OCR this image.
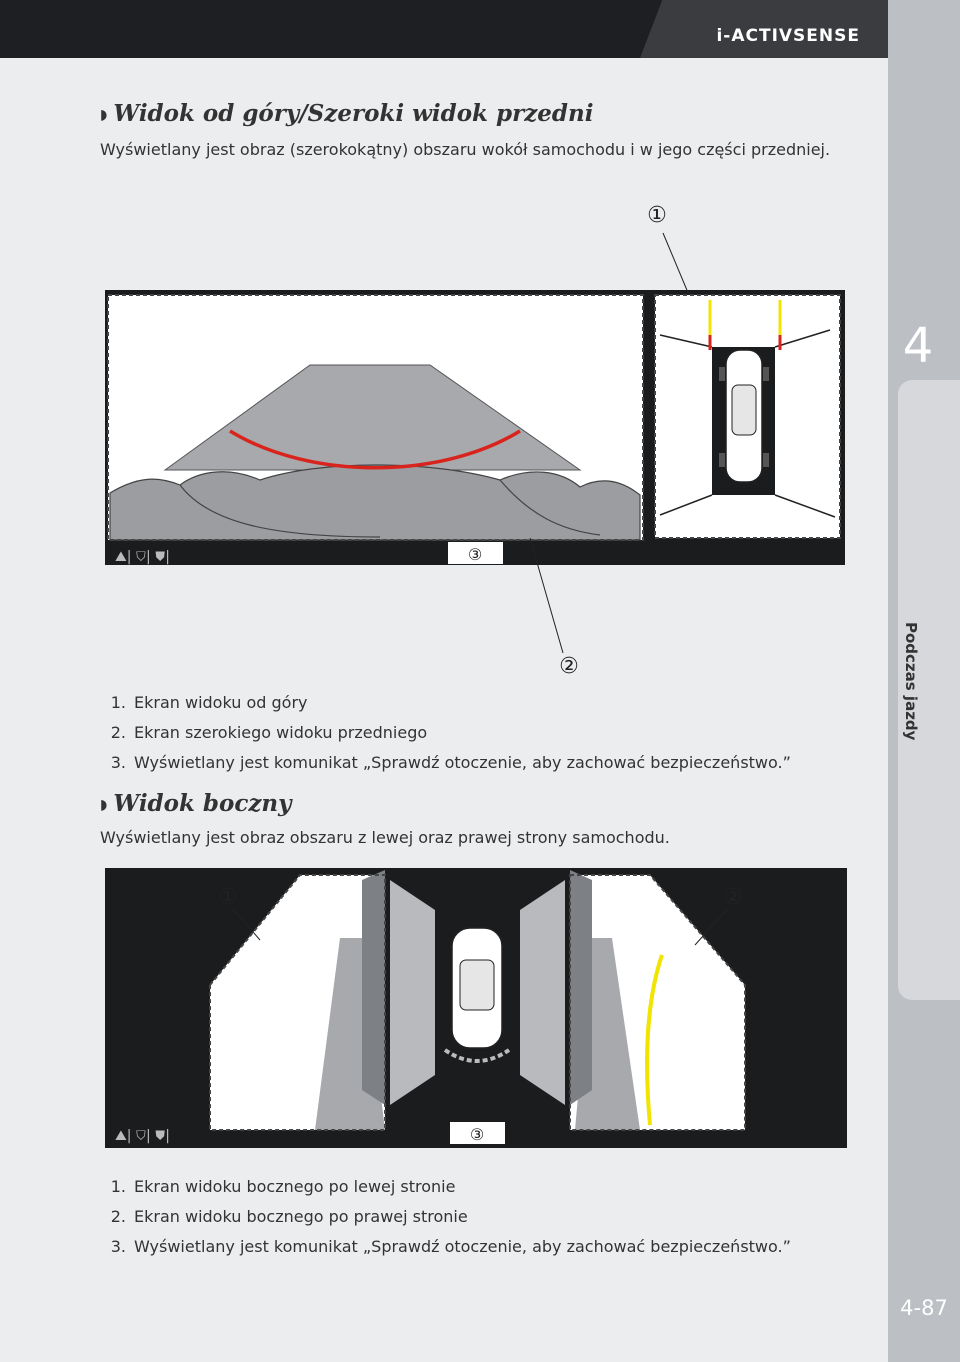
i-ACTIVSENSE
4
Podczas jazdy
4-87
◗ Widok od góry/Szeroki widok przedni
Wyświetlany jest obraz (szerokokątny) obszaru wokół samochodu i w jego części przedniej.
⛰| ⛉| ⛊|	③
①
②
1. Ekran widoku od góry
2. Ekran szerokiego widoku przedniego
3. Wyświetlany jest komunikat „Sprawdź otoczenie, aby zachować bezpieczeństwo.”
◗ Widok boczny
Wyświetlany jest obraz obszaru z lewej oraz prawej strony samochodu.
⛰| ⛉| ⛊|	③
①	②
1. Ekran widoku bocznego po lewej stronie
2. Ekran widoku bocznego po prawej stronie
3. Wyświetlany jest komunikat „Sprawdź otoczenie, aby zachować bezpieczeństwo.”
